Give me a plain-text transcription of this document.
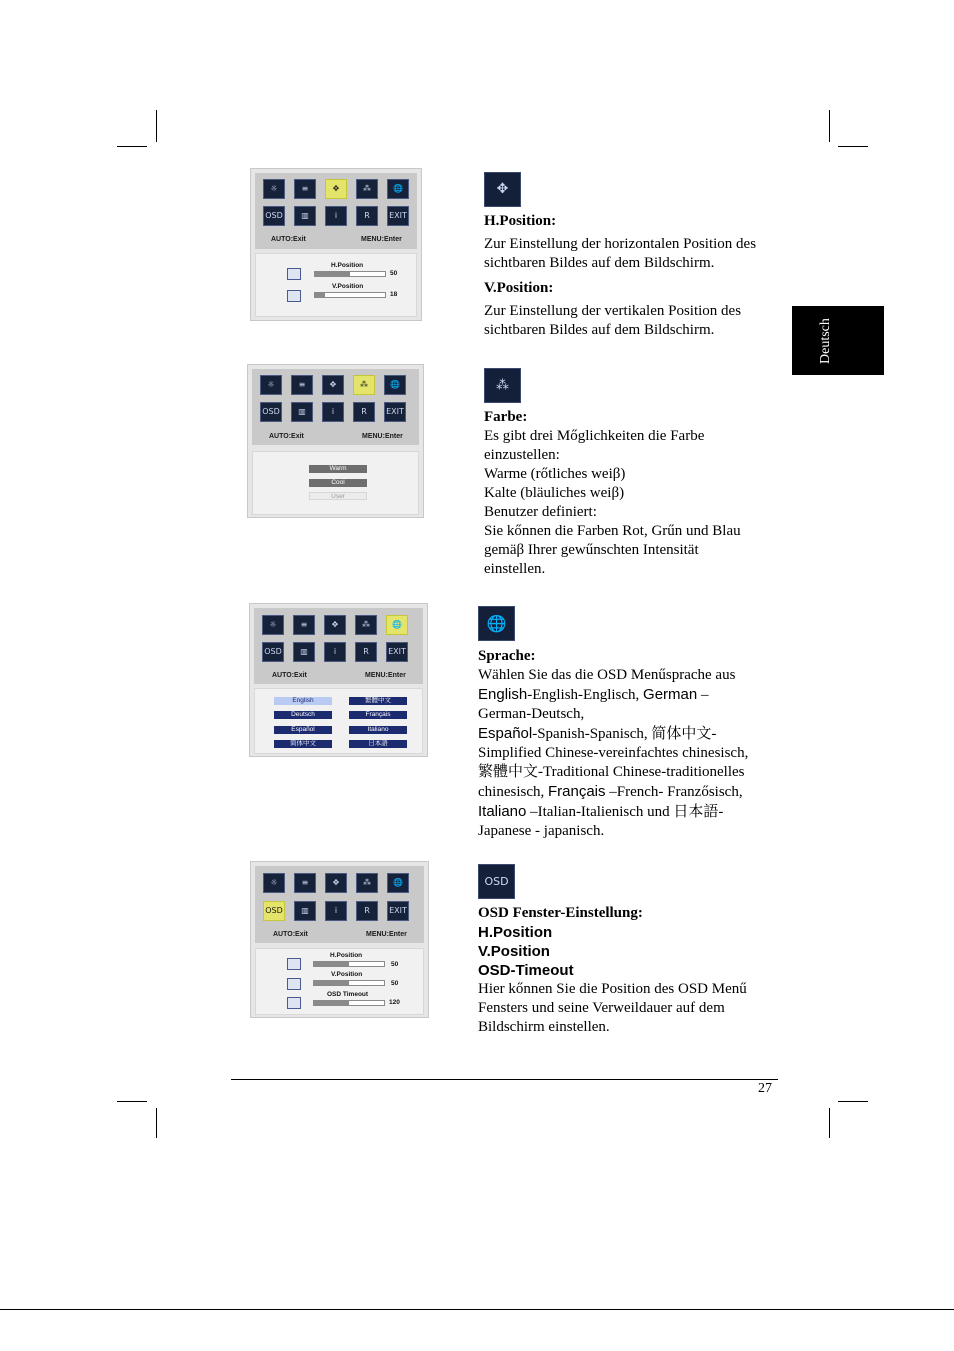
Deutsch
☼	≡	✥	⁂	🌐
OSD	▥	i	R	EXIT
AUTO:Exit	MENU:Enter
H.Position
50
V.Position
18
☼	≡	✥	⁂	🌐
OSD	▥	i	R	EXIT
AUTO:Exit	MENU:Enter
Warm
Cool
User
☼	≡	✥	⁂	🌐
OSD	▥	i	R	EXIT
AUTO:Exit	MENU:Enter
English	繁體中文
Deutsch	Français
Español	Italiano
简体中文	日本語
☼	≡	✥	⁂	🌐
OSD	▥	i	R	EXIT
AUTO:Exit	MENU:Enter
H.Position
50
V.Position
50
OSD Timeout
120
✥

H.Position:

Zur Einstellung der horizontalen Position des sichtbaren Bildes auf dem Bildschirm.

V.Position:

Zur Einstellung der vertikalen Position des sichtbaren Bildes auf dem Bildschirm.

⁂

Farbe:

Es gibt drei Mőglichkeiten die Farbe

einzustellen:

Warme (rőtliches weiβ)

Kalte (bläuliches weiβ)

Benutzer definiert:

Sie kőnnen die Farben Rot, Grűn und Blau

gemäβ Ihrer gewűnschten Intensität

einstellen.

🌐

Sprache:

Wählen Sie das die OSD Menűsprache aus

English-English-Englisch, German –

German-Deutsch,

Español-Spanish-Spanisch, 简体中文-

Simplified Chinese-vereinfachtes chinesisch,

繁體中文-Traditional Chinese-traditionelles

chinesisch, Français –French- Franzősisch,

Italiano –Italian-Italienisch und 日本語-

Japanese - japanisch.

OSD

OSD Fenster-Einstellung:

H.Position

V.Position

OSD-Timeout

Hier kőnnen Sie die Position des OSD Menű

Fensters und seine Verweildauer auf dem

Bildschirm einstellen.

27
